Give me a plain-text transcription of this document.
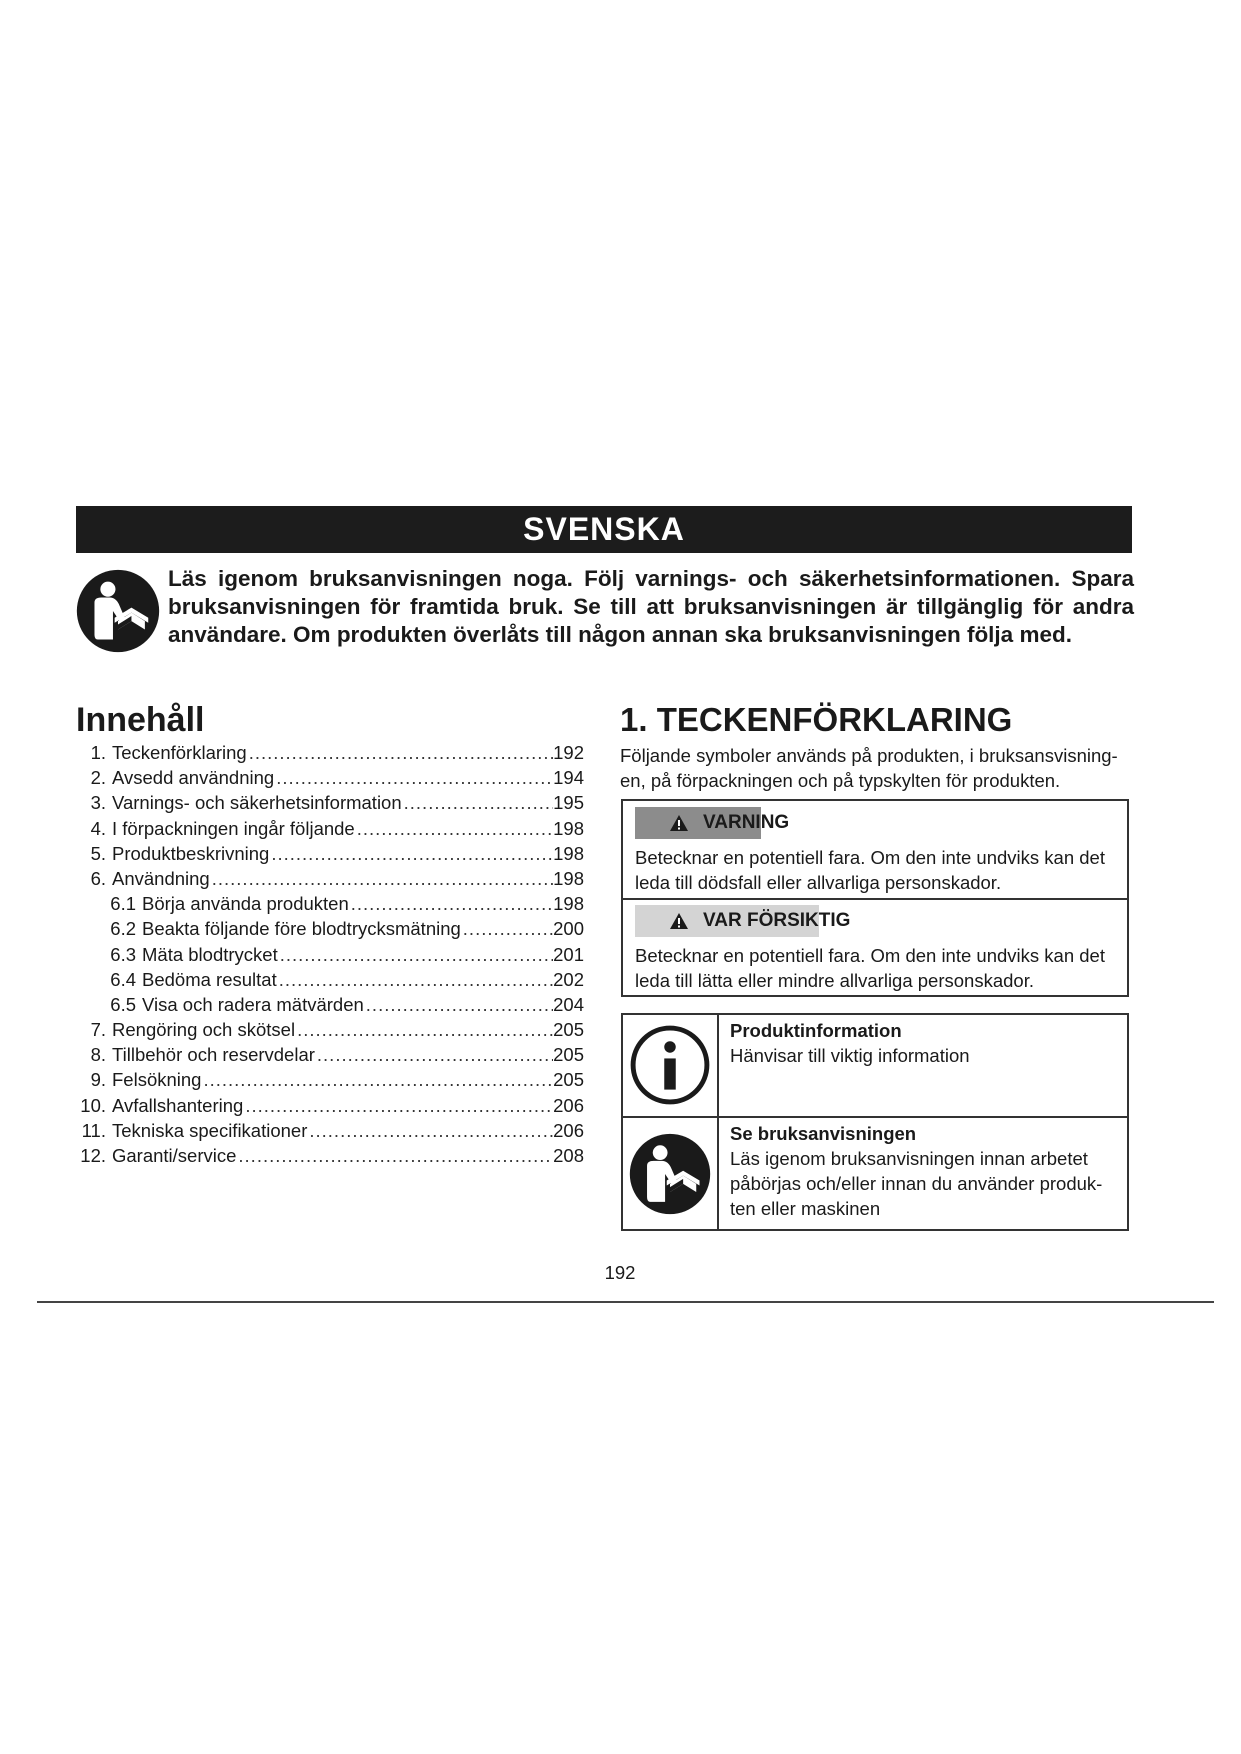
SVENSKA
Läs igenom bruksanvisningen noga. Följ varnings- och säkerhetsinformationen. Spara bruksanvisningen för framtida bruk. Se till att bruksanvisningen är tillgänglig för andra användare. Om produkten överlåts till någon annan ska bruksanvisningen följa med.
Innehåll
1. Teckenförklaring .....	192
2. Avsedd användning .....	194
3. Varnings- och säkerhetsinformation .....	195
4. I förpackningen ingår följande .....	198
5. Produktbeskrivning .....	198
6. Användning .....	198
6.1 Börja använda produkten .....	198
6.2 Beakta följande före blodtrycksmätning .....	200
6.3 Mäta blodtrycket .....	201
6.4 Bedöma resultat .....	202
6.5 Visa och radera mätvärden .....	204
7. Rengöring och skötsel .....	205
8. Tillbehör och reservdelar .....	205
9. Felsökning .....	205
10. Avfallshantering .....	206
11. Tekniska specifikationer .....	206
12. Garanti/service .....	208
1. TECKENFÖRKLARING

Följande symboler används på produkten, i bruksansvisning-en, på förpackningen och på typskylten för produkten.

VARNING

Betecknar en potentiell fara. Om den inte undviks kan det leda till dödsfall eller allvarliga personskador.

VAR FÖRSIKTIG

Betecknar en potentiell fara. Om den inte undviks kan det leda till lätta eller mindre allvarliga personskador.

Produktinformation

Hänvisar till viktig information

Se bruksanvisningen

Läs igenom bruksanvisningen innan arbetet påbörjas och/eller innan du använder produk-ten eller maskinen

192
